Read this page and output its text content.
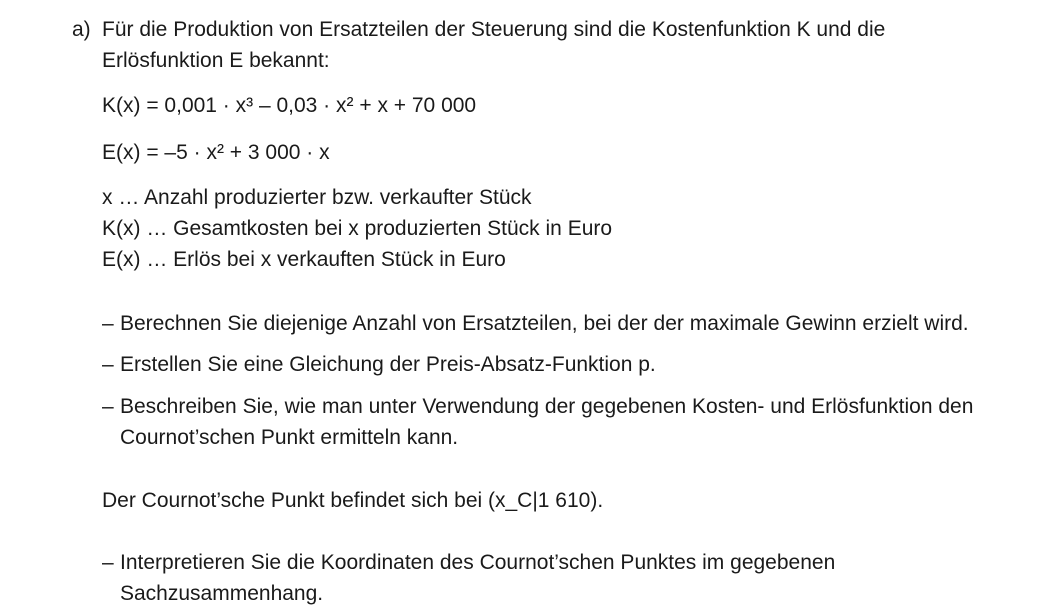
a) Für die Produktion von Ersatzteilen der Steuerung sind die Kostenfunktion K und die
Erlösfunktion E bekannt:
K(x) = 0,001 · x³ – 0,03 · x² + x + 70 000
E(x) = –5 · x² + 3 000 · x
x … Anzahl produzierter bzw. verkaufter Stück
K(x) … Gesamtkosten bei x produzierten Stück in Euro
E(x) … Erlös bei x verkauften Stück in Euro
– Berechnen Sie diejenige Anzahl von Ersatzteilen, bei der der maximale Gewinn erzielt wird.
– Erstellen Sie eine Gleichung der Preis-Absatz-Funktion p.
– Beschreiben Sie, wie man unter Verwendung der gegebenen Kosten- und Erlösfunktion den Cournot’schen Punkt ermitteln kann.
Der Cournot’sche Punkt befindet sich bei (x_C|1 610).
– Interpretieren Sie die Koordinaten des Cournot’schen Punktes im gegebenen Sachzusammenhang.
